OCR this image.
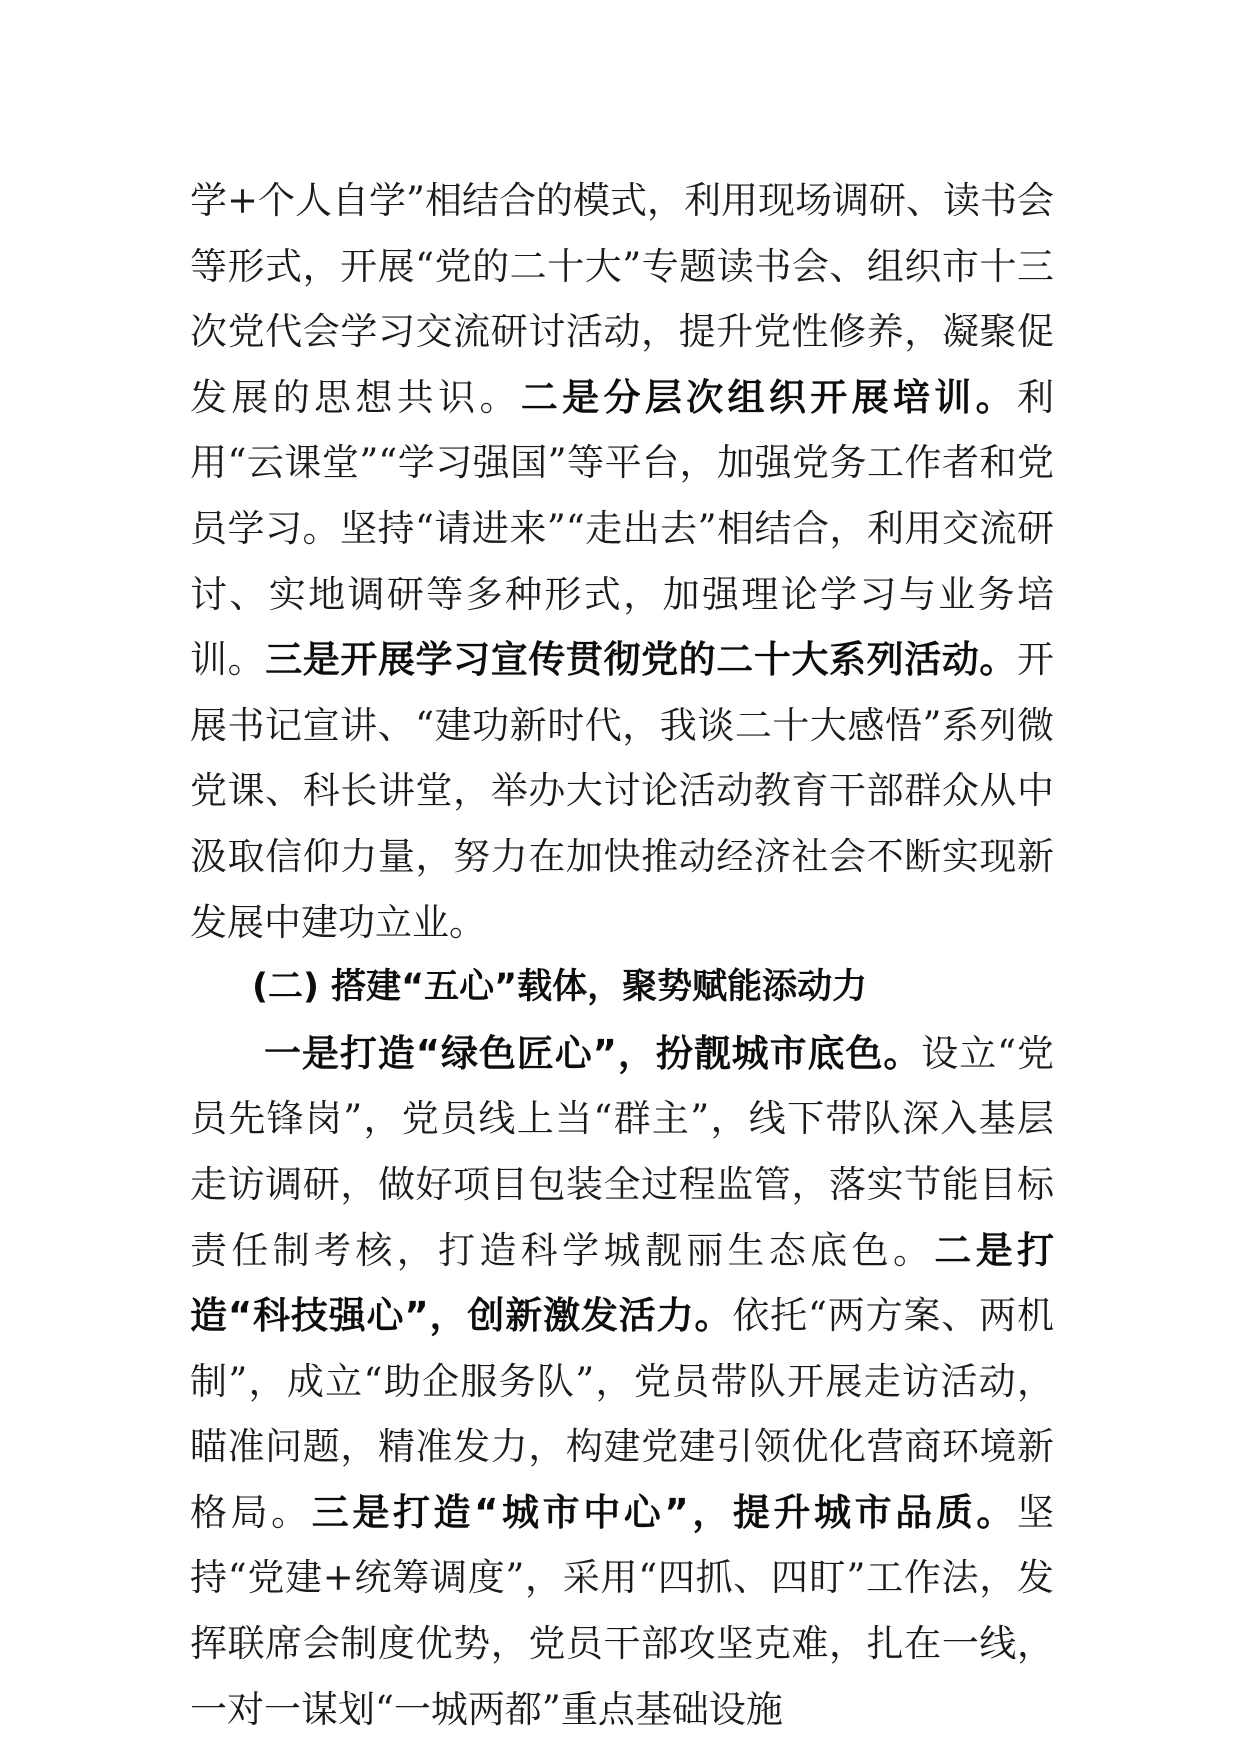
学+个人自学”相结合的模式，利用现场调研、读书会等形式，开展“党的二十大”专题读书会、组织市十三次党代会学习交流研讨活动，提升党性修养，凝聚促发展的思想共识。二是分层次组织开展培训。利用“云课堂”“学习强国”等平台，加强党务工作者和党员学习。坚持“请进来”“走出去”相结合，利用交流研讨、实地调研等多种形式，加强理论学习与业务培训。三是开展学习宣传贯彻党的二十大系列活动。开展书记宣讲、“建功新时代，我谈二十大感悟”系列微党课、科长讲堂，举办大讨论活动教育干部群众从中汲取信仰力量，努力在加快推动经济社会不断实现新发展中建功立业。

(二) 搭建“五心”载体，聚势赋能添动力

一是打造“绿色匠心”，扮靓城市底色。设立“党员先锋岗”，党员线上当“群主”，线下带队深入基层走访调研，做好项目包装全过程监管，落实节能目标责任制考核，打造科学城靓丽生态底色。二是打造“科技强心”，创新激发活力。依托“两方案、两机制”，成立“助企服务队”，党员带队开展走访活动，瞄准问题，精准发力，构建党建引领优化营商环境新格局。三是打造“城市中心”，提升城市品质。坚持“党建+统筹调度”，采用“四抓、四盯”工作法，发挥联席会制度优势，党员干部攻坚克难，扎在一线，一对一谋划“一城两都”重点基础设施
